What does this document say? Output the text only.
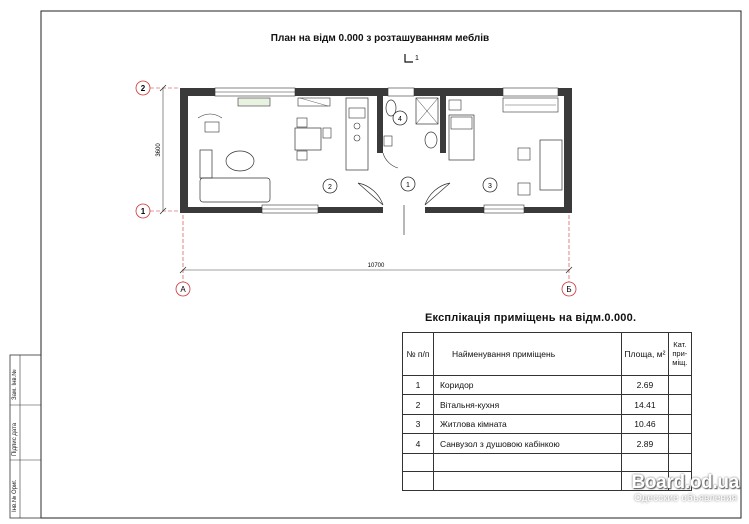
2
1
А	Б
1
2	3
4
10700
3600
1
План на відм 0.000 з розташуванням меблів
Експлікація приміщень на відм.0.000.
№ п/п	Найменування приміщень	Площа, м²	Кат. при-міщ.
1	Коридор	2.69	
2	Вітальня-кухня	14.41	
3	Житлова кімната	10.46	
4	Санвузол з душовою кабінкою	2.89	

Інв.№ Ориг.
Підпис дата
Зам. Інв.№
Board.od.ua
Одесские объявления
